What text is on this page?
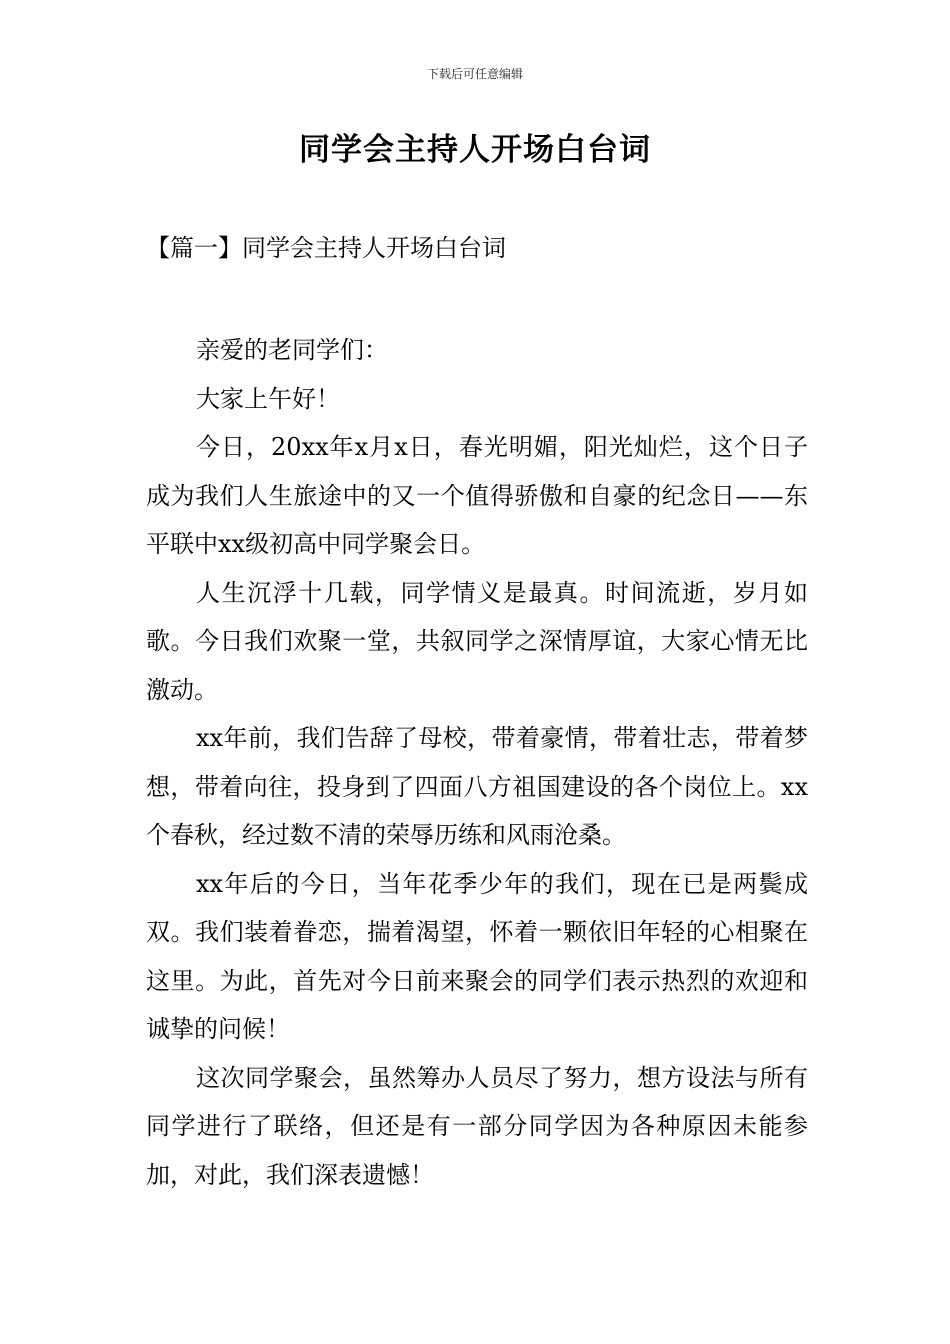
下载后可任意编辑
同学会主持人开场白台词
【篇一】同学会主持人开场白台词

亲爱的老同学们：

大家上午好！

今日，20xx年x月x日，春光明媚，阳光灿烂，这个日子成为我们人生旅途中的又一个值得骄傲和自豪的纪念日——东平联中xx级初高中同学聚会日。

人生沉浮十几载，同学情义是最真。时间流逝，岁月如歌。今日我们欢聚一堂，共叙同学之深情厚谊，大家心情无比激动。

xx年前，我们告辞了母校，带着豪情，带着壮志，带着梦想，带着向往，投身到了四面八方祖国建设的各个岗位上。xx个春秋，经过数不清的荣辱历练和风雨沧桑。

xx年后的今日，当年花季少年的我们，现在已是两鬓成双。我们装着眷恋，揣着渴望，怀着一颗依旧年轻的心相聚在这里。为此，首先对今日前来聚会的同学们表示热烈的欢迎和诚挚的问候！

这次同学聚会，虽然筹办人员尽了努力，想方设法与所有同学进行了联络，但还是有一部分同学因为各种原因未能参加，对此，我们深表遗憾！
